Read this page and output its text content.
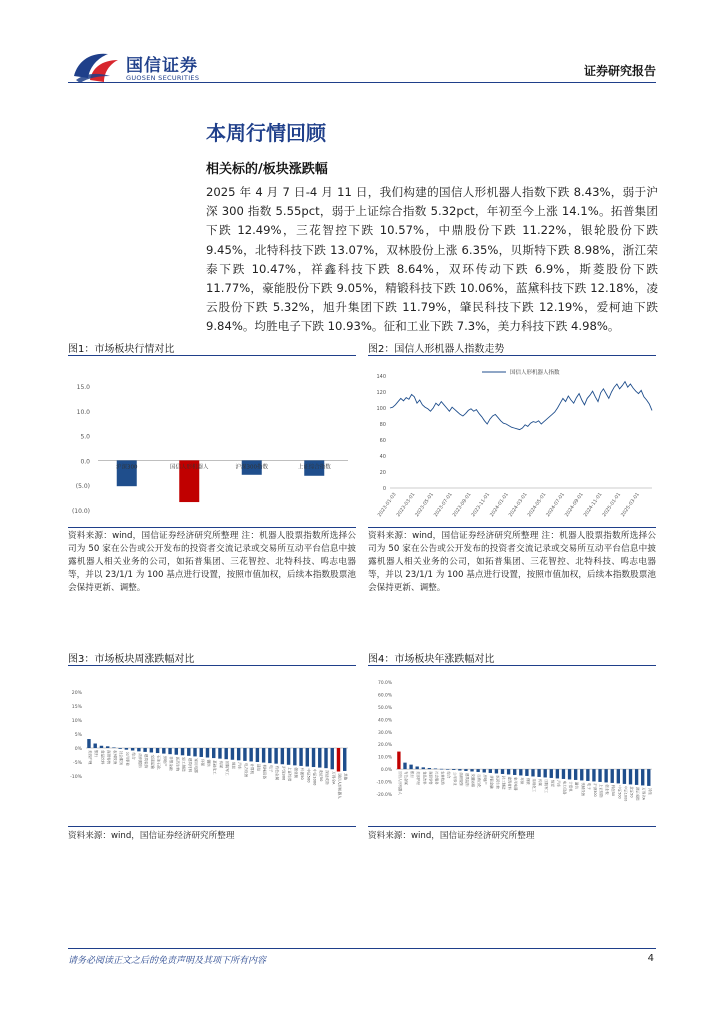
国信证券
GUOSEN SECURITIES	证券研究报告
本周行情回顾
相关标的/板块涨跌幅
2025 年 4 月 7 日-4 月 11 日，我们构建的国信人形机器人指数下跌 8.43%，弱于沪深 300 指数 5.55pct，弱于上证综合指数 5.32pct，年初至今上涨 14.1%。拓普集团下跌 12.49%，三花智控下跌 10.57%，中鼎股份下跌 11.22%，银轮股份下跌 9.45%，北特科技下跌 13.07%，双林股份上涨 6.35%，贝斯特下跌 8.98%，浙江荣泰下跌 10.47%，祥鑫科技下跌 8.64%，双环传动下跌 6.9%，斯菱股份下跌 11.77%，豪能股份下跌 9.05%，精锻科技下跌 10.06%，蓝黛科技下跌 12.18%，凌云股份下跌 5.32%，旭升集团下跌 11.79%，肇民科技下跌 12.19%，爱柯迪下跌 9.84%。均胜电子下跌 10.93%。征和工业下跌 7.3%，美力科技下跌 4.98%。
图1：市场板块行情对比
15.0
10.0
5.0
0.0
(5.0)
(10.0)
沪深300	国信人形机器人	沪深300指数	上证综合指数
资料来源：wind，国信证券经济研究所整理 注：机器人股票指数所选择公司为 50 家在公告或公开发布的投资者交流记录或交易所互动平台信息中披露机器人相关业务的公司，如拓普集团、三花智控、北特科技、鸣志电器等，并以 23/1/1 为 100 基点进行设置，按照市值加权，后续本指数股票池会保持更新、调整。
图2：国信人形机器人指数走势
140
120
100
80
60
40
20
0
国信人形机器人指数
2023-01-03
2023-03-01
2023-05-01
2023-07-01
2023-09-01
2023-11-01
2024-01-01
2024-03-01
2024-05-01
2024-07-01
2024-09-01
2024-11-01
2025-01-01
2025-03-01
资料来源：wind，国信证券经济研究所整理 注：机器人股票指数所选择公司为 50 家在公告或公开发布的投资者交流记录或交易所互动平台信息中披露机器人相关业务的公司，如拓普集团、三花智控、北特科技、鸣志电器等，并以 23/1/1 为 100 基点进行设置，按照市值加权，后续本指数股票池会保持更新、调整。
图3：市场板块周涨跌幅对比
20%
15%
10%
5%
0%
-5%
-10%
美容护理 银行 食品饮料 商贸零售 农林牧渔 社会服务 公用事业 综合 纺织服饰 建筑装饰 交通运输 石油石化 房地产 非银金融 医药生物 轻工制造 建筑材料 家用电器 环保 钢铁 基础化工 传媒 国防军工 煤炭 汽车 电力设备 计算机 通信 机械设备 电子 有色金属 沪深300 上证综指 创业板 科创50 中证500 中证1000 北证50 深证成指 万得全A 国信人形机器人 其他
资料来源：wind，国信证券经济研究所整理
图4：市场板块年涨跌幅对比
70.0%
60.0%
50.0%
40.0%
30.0%
20.0%
10.0%
0.0%
-10.0%
-20.0%
国信人形机器人 有色金属 银行 美容护理 食品饮料 商贸零售 社会服务 农林牧渔 综合 公用事业 纺织服饰 建筑装饰 交通运输 石油石化 房地产 非银金融 医药生物 轻工制造 建筑材料 家用电器 环保 钢铁 基础化工 传媒 国防军工 煤炭 汽车 电力设备 计算机 通信 机械设备 电子 沪深300 上证综指 创业板 科创50 中证500 中证1000 北证50 深证成指 万得全A 其他
资料来源：wind，国信证券经济研究所整理
请务必阅读正文之后的免责声明及其项下所有内容	4
